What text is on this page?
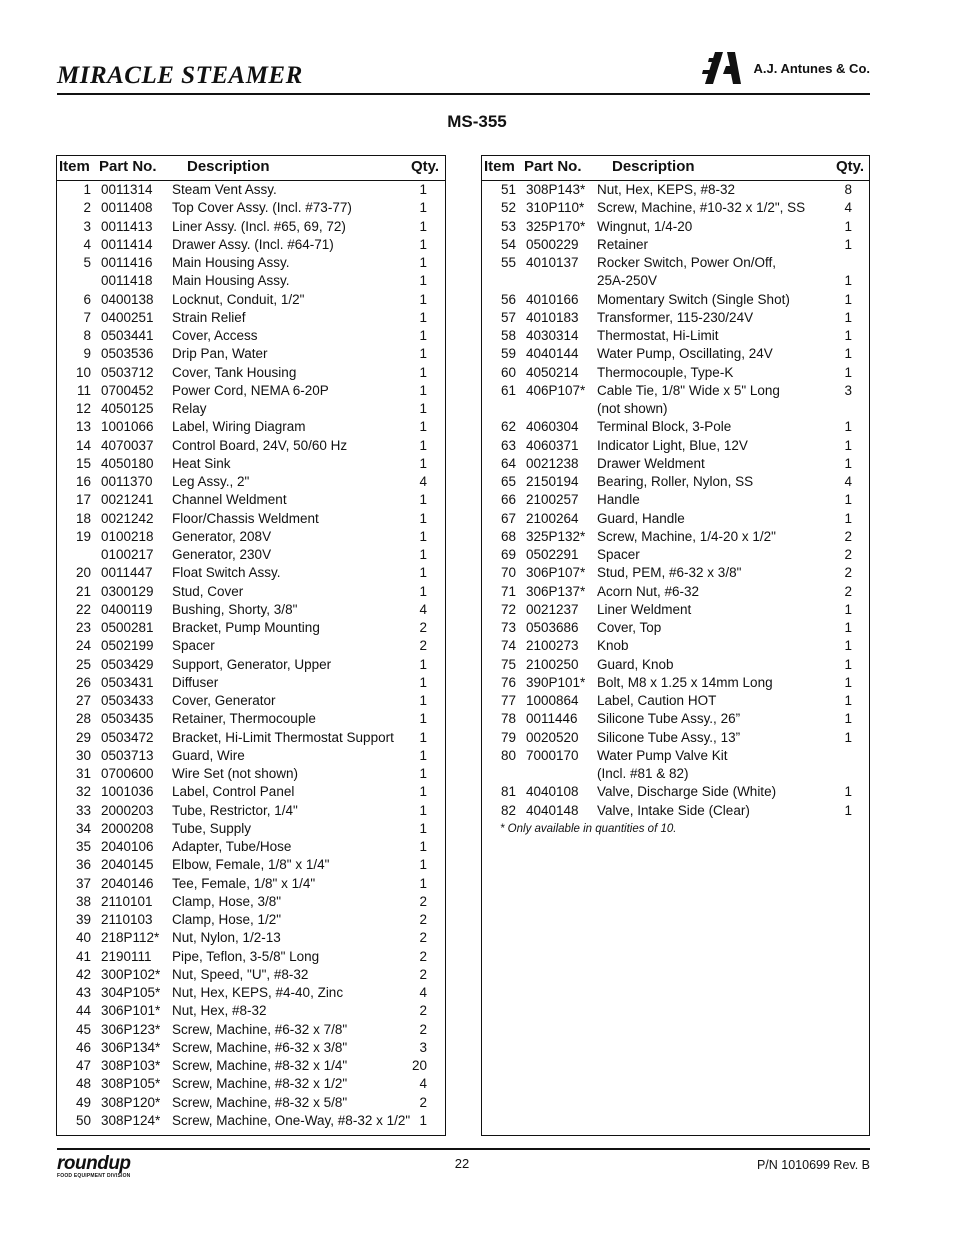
MIRACLE STEAMER	A.J. Antunes & Co.
MS-355
Item Part No. Description	Qty.
1 0011314 Steam Vent Assy.	1
2 0011408 Top Cover Assy. (Incl. #73-77)	1
3 0011413 Liner Assy. (Incl. #65, 69, 72)	1
4 0011414 Drawer Assy. (Incl. #64-71)	1
5 0011416 Main Housing Assy.	1
0011418 Main Housing Assy.	1
6 0400138 Locknut, Conduit, 1/2"	1
7 0400251 Strain Relief	1
8 0503441 Cover, Access	1
9 0503536 Drip Pan, Water	1
10 0503712 Cover, Tank Housing	1
11 0700452 Power Cord, NEMA 6-20P	1
12 4050125 Relay	1
13 1001066 Label, Wiring Diagram	1
14 4070037 Control Board, 24V, 50/60 Hz	1
15 4050180 Heat Sink	1
16 0011370 Leg Assy., 2"	4
17 0021241 Channel Weldment	1
18 0021242 Floor/Chassis Weldment	1
19 0100218 Generator, 208V	1
0100217 Generator, 230V	1
20 0011447 Float Switch Assy.	1
21 0300129 Stud, Cover	1
22 0400119 Bushing, Shorty, 3/8"	4
23 0500281 Bracket, Pump Mounting	2
24 0502199 Spacer	2
25 0503429 Support, Generator, Upper	1
26 0503431 Diffuser	1
27 0503433 Cover, Generator	1
28 0503435 Retainer, Thermocouple	1
29 0503472 Bracket, Hi-Limit Thermostat Support	1
30 0503713 Guard, Wire	1
31 0700600 Wire Set (not shown)	1
32 1001036 Label, Control Panel	1
33 2000203 Tube, Restrictor, 1/4"	1
34 2000208 Tube, Supply	1
35 2040106 Adapter, Tube/Hose	1
36 2040145 Elbow, Female, 1/8" x 1/4"	1
37 2040146 Tee, Female, 1/8" x 1/4"	1
38 2110101 Clamp, Hose, 3/8"	2
39 2110103 Clamp, Hose, 1/2"	2
40 218P112* Nut, Nylon, 1/2-13	2
41 2190111 Pipe, Teflon, 3-5/8" Long	2
42 300P102* Nut, Speed, "U", #8-32	2
43 304P105* Nut, Hex, KEPS, #4-40, Zinc	4
44 306P101* Nut, Hex, #8-32	2
45 306P123* Screw, Machine, #6-32 x 7/8"	2
46 306P134* Screw, Machine, #6-32 x 3/8"	3
47 308P103* Screw, Machine, #8-32 x 1/4"	20
48 308P105* Screw, Machine, #8-32 x 1/2"	4
49 308P120* Screw, Machine, #8-32 x 5/8"	2
50 308P124* Screw, Machine, One-Way, #8-32 x 1/2" 1
Item Part No. Description	Qty.
51 308P143* Nut, Hex, KEPS, #8-32	8
52 310P110* Screw, Machine, #10-32 x 1/2", SS	4
53 325P170* Wingnut, 1/4-20	1
54 0500229 Retainer	1
55 4010137 Rocker Switch, Power On/Off,
25A-250V	1
56 4010166 Momentary Switch (Single Shot)	1
57 4010183 Transformer, 115-230/24V	1
58 4030314 Thermostat, Hi-Limit	1
59 4040144 Water Pump, Oscillating, 24V	1
60 4050214 Thermocouple, Type-K	1
61 406P107* Cable Tie, 1/8" Wide x 5" Long	3
(not shown)
62 4060304 Terminal Block, 3-Pole	1
63 4060371 Indicator Light, Blue, 12V	1
64 0021238 Drawer Weldment	1
65 2150194 Bearing, Roller, Nylon, SS	4
66 2100257 Handle	1
67 2100264 Guard, Handle	1
68 325P132* Screw, Machine, 1/4-20 x 1/2"	2
69 0502291 Spacer	2
70 306P107* Stud, PEM, #6-32 x 3/8"	2
71 306P137* Acorn Nut, #6-32	2
72 0021237 Liner Weldment	1
73 0503686 Cover, Top	1
74 2100273 Knob	1
75 2100250 Guard, Knob	1
76 390P101* Bolt, M8 x 1.25 x 14mm Long	1
77 1000864 Label, Caution HOT	1
78 0011446 Silicone Tube Assy., 26”	1
79 0020520 Silicone Tube Assy., 13”	1
80 7000170 Water Pump Valve Kit
(Incl. #81 & 82)
81 4040108 Valve, Discharge Side (White)	1
82 4040148 Valve, Intake Side (Clear)	1
* Only available in quantities of 10.
roundup
FOOD EQUIPMENT DIVISION
22	P/N 1010699 Rev. B
